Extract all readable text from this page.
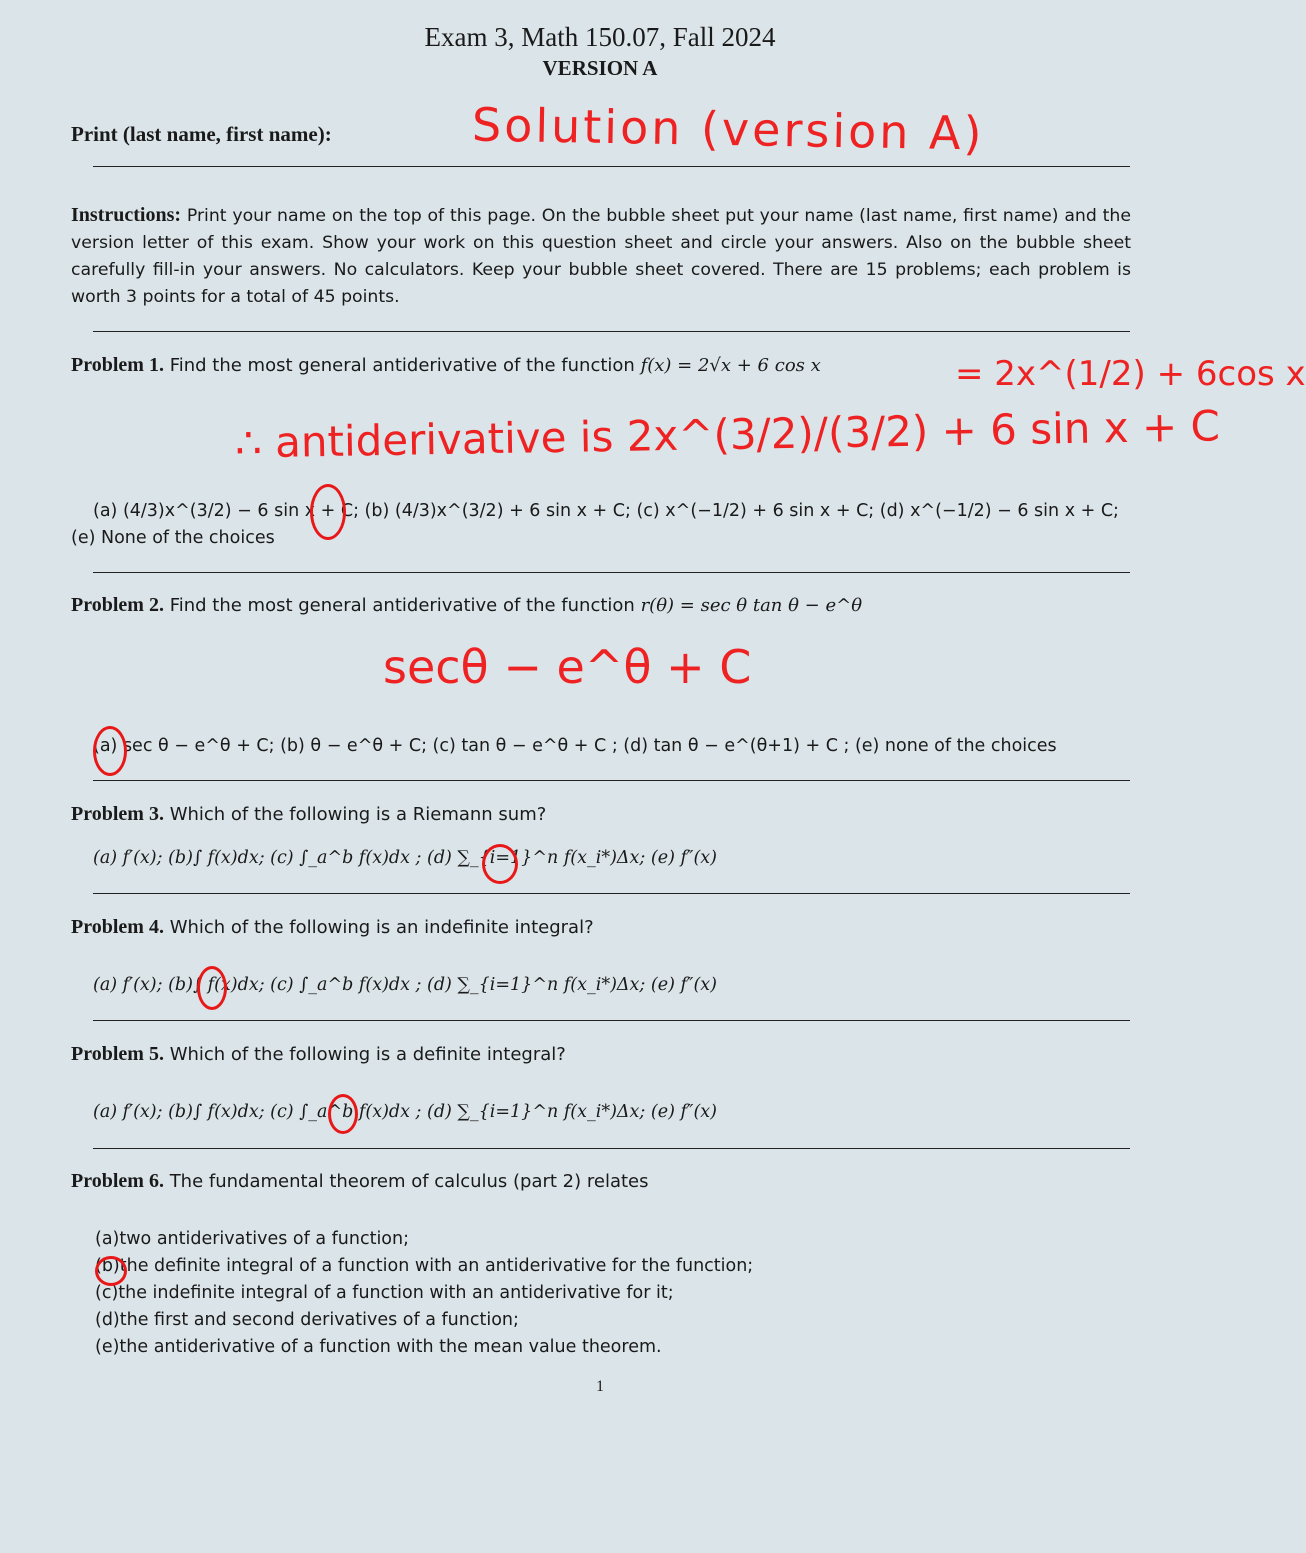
Exam 3, Math 150.07, Fall 2024
VERSION A
Print (last name, first name):	Solution (version A)
Instructions: Print your name on the top of this page. On the bubble sheet put your name (last name, first name) and the version letter of this exam. Show your work on this question sheet and circle your answers. Also on the bubble sheet carefully fill-in your answers. No calculators. Keep your bubble sheet covered. There are 15 problems; each problem is worth 3 points for a total of 45 points.
Problem 1. Find the most general antiderivative of the function f(x) = 2√x + 6 cos x	= 2x^(1/2) + 6cos x
∴ antiderivative is 2x^(3/2)/(3/2) + 6 sin x + C
(a) (4/3)x^(3/2) − 6 sin x + C; (b) (4/3)x^(3/2) + 6 sin x + C; (c) x^(−1/2) + 6 sin x + C; (d) x^(−1/2) − 6 sin x + C; (e) None of the choices
Problem 2. Find the most general antiderivative of the function r(θ) = sec θ tan θ − e^θ
secθ − e^θ + C
(a) sec θ − e^θ + C; (b) θ − e^θ + C; (c) tan θ − e^θ + C ; (d) tan θ − e^(θ+1) + C ; (e) none of the choices
Problem 3. Which of the following is a Riemann sum?
(a) f′(x); (b)∫ f(x)dx; (c) ∫_a^b f(x)dx ; (d) ∑_{i=1}^n f(x_i*)Δx; (e) f″(x)
Problem 4. Which of the following is an indefinite integral?
(a) f′(x); (b)∫ f(x)dx; (c) ∫_a^b f(x)dx ; (d) ∑_{i=1}^n f(x_i*)Δx; (e) f″(x)
Problem 5. Which of the following is a definite integral?
(a) f′(x); (b)∫ f(x)dx; (c) ∫_a^b f(x)dx ; (d) ∑_{i=1}^n f(x_i*)Δx; (e) f″(x)
Problem 6. The fundamental theorem of calculus (part 2) relates
(a)two antiderivatives of a function;
(b)the definite integral of a function with an antiderivative for the function;
(c)the indefinite integral of a function with an antiderivative for it;
(d)the first and second derivatives of a function;
(e)the antiderivative of a function with the mean value theorem.
1
